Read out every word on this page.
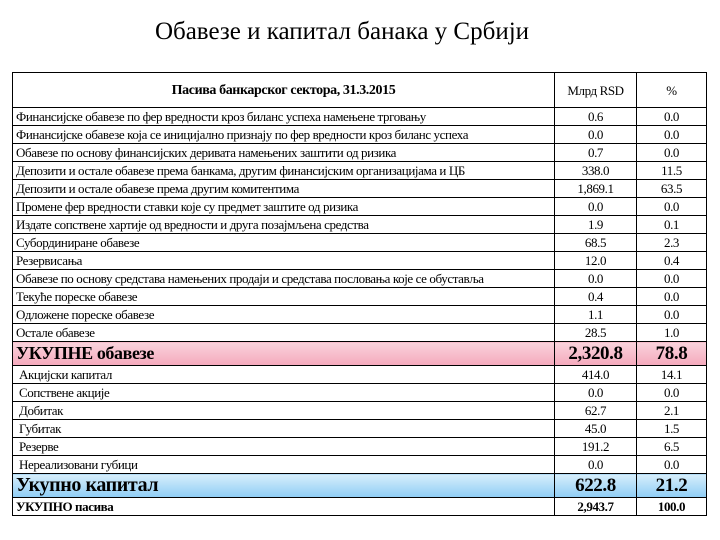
Обавезе и капитал банака у Србији
Пасива банкарског сектора, 31.3.2015	Млрд RSD	%
Финансијске обавезе по фер вредности кроз биланс успеха намењене трговању	0.6	0.0
Финансијске обавезе која се иницијално признају по фер вредности кроз биланс успеха	0.0	0.0
Обавезе по основу финансијских деривата намењених заштити од ризика	0.7	0.0
Депозити и остале обавезе према банкама, другим финансијским организацијама и ЦБ	338.0	11.5
Депозити и остале обавезе према другим комитентима	1,869.1	63.5
Промене фер вредности ставки које су предмет заштите од ризика	0.0	0.0
Издате сопствене хартије од вредности и друга позајмљена средства	1.9	0.1
Субординиране обавезе	68.5	2.3
Резервисања	12.0	0.4
Обавезе по основу средстава намењених продаји и средстава пословања које се обуставља	0.0	0.0
Текуће пореске обавезе	0.4	0.0
Одложене пореске обавезе	1.1	0.0
Остале обавезе	28.5	1.0
УКУПНЕ обавезе	2,320.8	78.8
Акцијски капитал	414.0	14.1
Сопствене акције	0.0	0.0
Добитак	62.7	2.1
Губитак	45.0	1.5
Резерве	191.2	6.5
Нереализовани губици	0.0	0.0
Укупно капитал	622.8	21.2
УКУПНО пасива	2,943.7	100.0
